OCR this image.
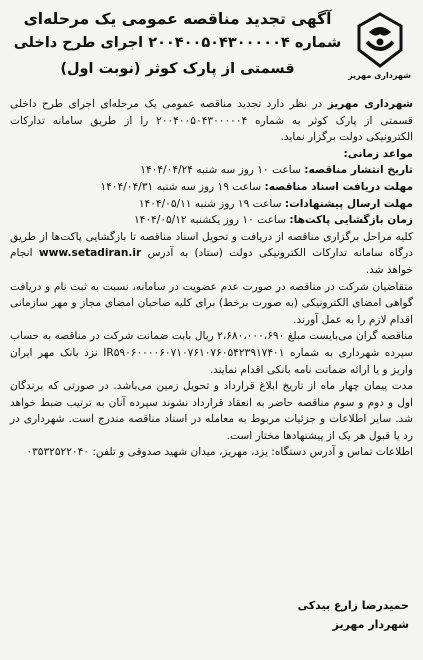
شهرداری مهریز
آگهی تجدید مناقصه عمومی یک مرحله‌ای
شماره ۲۰۰۴۰۰۵۰۴۳۰۰۰۰۰۴ اجرای طرح داخلی
قسمتی از پارک کوثر (نوبت اول)

شهرداری مهریز در نظر دارد تجدید مناقصه عمومی یک مرحله‌ای اجرای طرح داخلی قسمتی از پارک کوثر به شماره ۲۰۰۴۰۰۵۰۴۳۰۰۰۰۰۴ را از طریق سامانه تدارکات الکترونیکی دولت برگزار نماید.

مواعد زمانی:

تاریخ انتشار مناقصه: ساعت ۱۰ روز سه شنبه ۱۴۰۴/۰۴/۲۴

مهلت دریافت اسناد مناقصه: ساعت ۱۹ روز سه شنبه ۱۴۰۴/۰۴/۳۱

مهلت ارسال پیشنهادات: ساعت ۱۹ روز شنبه ۱۴۰۴/۰۵/۱۱

زمان بازگشایی پاکت‌ها: ساعت ۱۰ روز یکشنبه ۱۴۰۴/۰۵/۱۲

کلیه مراحل برگزاری مناقصه از دریافت و تحویل اسناد مناقصه تا بازگشایی پاکت‌ها از طریق درگاه سامانه تدارکات الکترونیکی دولت (ستاد) به آدرس www.setadiran.ir انجام خواهد شد.

متقاضیان شرکت در مناقصه در صورت عدم عضویت در سامانه، نسبت به ثبت نام و دریافت گواهی امضای الکترونیکی (به صورت برخط) برای کلیه صاحبان امضای مجاز و مهر سازمانی اقدام لازم را به عمل آورند.

مناقصه گران می‌بایست مبلغ ۲،۶۸۰،۰۰۰،۶۹۰ ریال بابت ضمانت شرکت در مناقصه به حساب سپرده شهرداری به شماره IR۵۹۰۶۰۰۰۰۶۰۷۱۰۷۶۱۰۷۶۰۵۴۲۳۹۱۷۴۰۱ نزد بانک مهر ایران واریز و یا ارائه ضمانت نامه بانکی اقدام نمایند.

مدت پیمان چهار ماه از تاریخ ابلاغ قرارداد و تحویل زمین می‌باشد. در صورتی که برندگان اول و دوم و سوم مناقصه حاضر به انعقاد قرارداد نشوند سپرده آنان به ترتیب ضبط خواهد شد. سایر اطلاعات و جزئیات مربوط به معامله در اسناد مناقصه مندرج است. شهرداری در رد یا قبول هر یک از پیشنهادها مختار است.

اطلاعات تماس و آدرس دستگاه: یزد، مهریز، میدان شهید صدوقی و تلفن: ۰۳۵۳۲۵۲۲۰۴۰

حمیدرضا زارع بیدکی
شهردار مهریز
